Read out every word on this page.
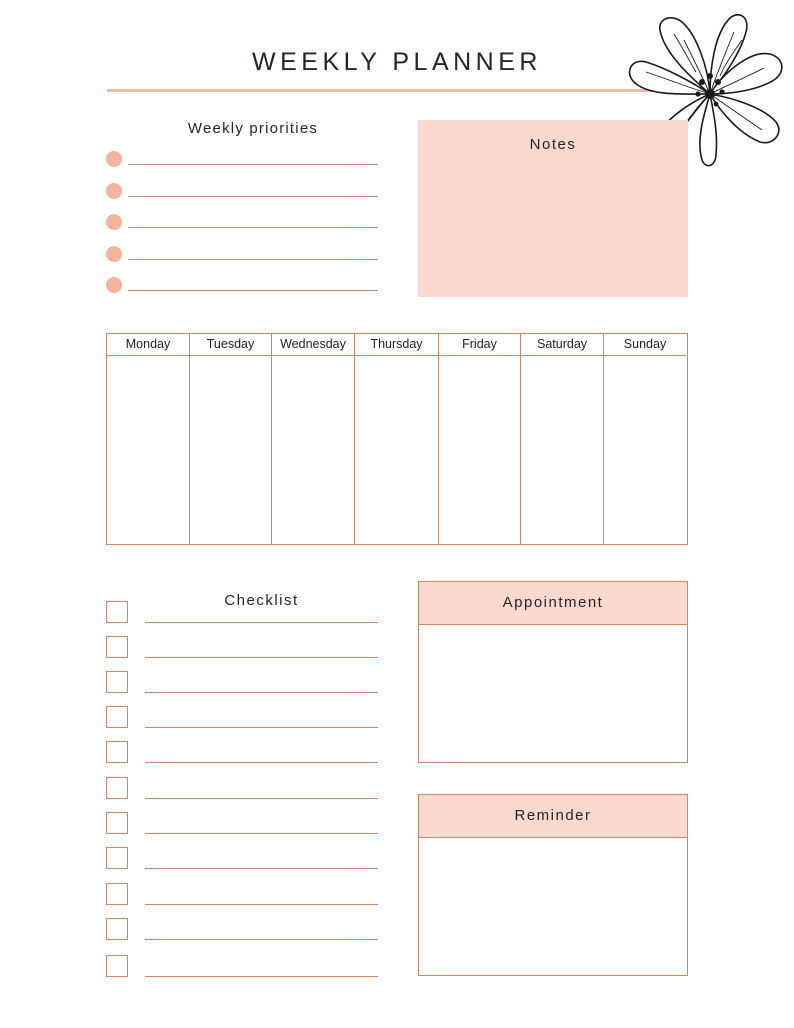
WEEKLY PLANNER
Weekly priorities
Notes
Monday	Tuesday	Wednesday	Thursday	Friday	Saturday	Sunday
Checklist	Appointment
Reminder
